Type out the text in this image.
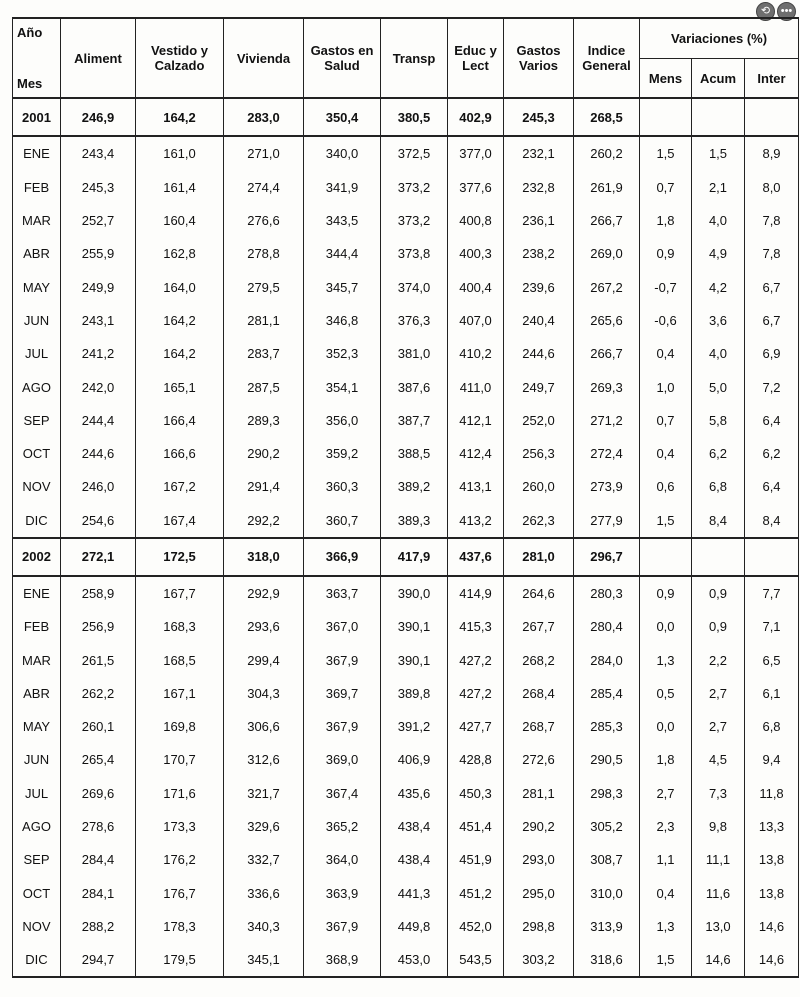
⟲ •••
Año	Aliment	Vestido y Calzado	Vivienda	Gastos en Salud	Transp	Educ y Lect	Gastos Varios	Indice General	Variaciones (%)		
Mes									Mens	Acum	Inter
2001	246,9	164,2	283,0	350,4	380,5	402,9	245,3	268,5			
ENE	243,4	161,0	271,0	340,0	372,5	377,0	232,1	260,2	1,5	1,5	8,9
FEB	245,3	161,4	274,4	341,9	373,2	377,6	232,8	261,9	0,7	2,1	8,0
MAR	252,7	160,4	276,6	343,5	373,2	400,8	236,1	266,7	1,8	4,0	7,8
ABR	255,9	162,8	278,8	344,4	373,8	400,3	238,2	269,0	0,9	4,9	7,8
MAY	249,9	164,0	279,5	345,7	374,0	400,4	239,6	267,2	-0,7	4,2	6,7
JUN	243,1	164,2	281,1	346,8	376,3	407,0	240,4	265,6	-0,6	3,6	6,7
JUL	241,2	164,2	283,7	352,3	381,0	410,2	244,6	266,7	0,4	4,0	6,9
AGO	242,0	165,1	287,5	354,1	387,6	411,0	249,7	269,3	1,0	5,0	7,2
SEP	244,4	166,4	289,3	356,0	387,7	412,1	252,0	271,2	0,7	5,8	6,4
OCT	244,6	166,6	290,2	359,2	388,5	412,4	256,3	272,4	0,4	6,2	6,2
NOV	246,0	167,2	291,4	360,3	389,2	413,1	260,0	273,9	0,6	6,8	6,4
DIC	254,6	167,4	292,2	360,7	389,3	413,2	262,3	277,9	1,5	8,4	8,4
2002	272,1	172,5	318,0	366,9	417,9	437,6	281,0	296,7			
ENE	258,9	167,7	292,9	363,7	390,0	414,9	264,6	280,3	0,9	0,9	7,7
FEB	256,9	168,3	293,6	367,0	390,1	415,3	267,7	280,4	0,0	0,9	7,1
MAR	261,5	168,5	299,4	367,9	390,1	427,2	268,2	284,0	1,3	2,2	6,5
ABR	262,2	167,1	304,3	369,7	389,8	427,2	268,4	285,4	0,5	2,7	6,1
MAY	260,1	169,8	306,6	367,9	391,2	427,7	268,7	285,3	0,0	2,7	6,8
JUN	265,4	170,7	312,6	369,0	406,9	428,8	272,6	290,5	1,8	4,5	9,4
JUL	269,6	171,6	321,7	367,4	435,6	450,3	281,1	298,3	2,7	7,3	11,8
AGO	278,6	173,3	329,6	365,2	438,4	451,4	290,2	305,2	2,3	9,8	13,3
SEP	284,4	176,2	332,7	364,0	438,4	451,9	293,0	308,7	1,1	11,1	13,8
OCT	284,1	176,7	336,6	363,9	441,3	451,2	295,0	310,0	0,4	11,6	13,8
NOV	288,2	178,3	340,3	367,9	449,8	452,0	298,8	313,9	1,3	13,0	14,6
DIC	294,7	179,5	345,1	368,9	453,0	543,5	303,2	318,6	1,5	14,6	14,6
